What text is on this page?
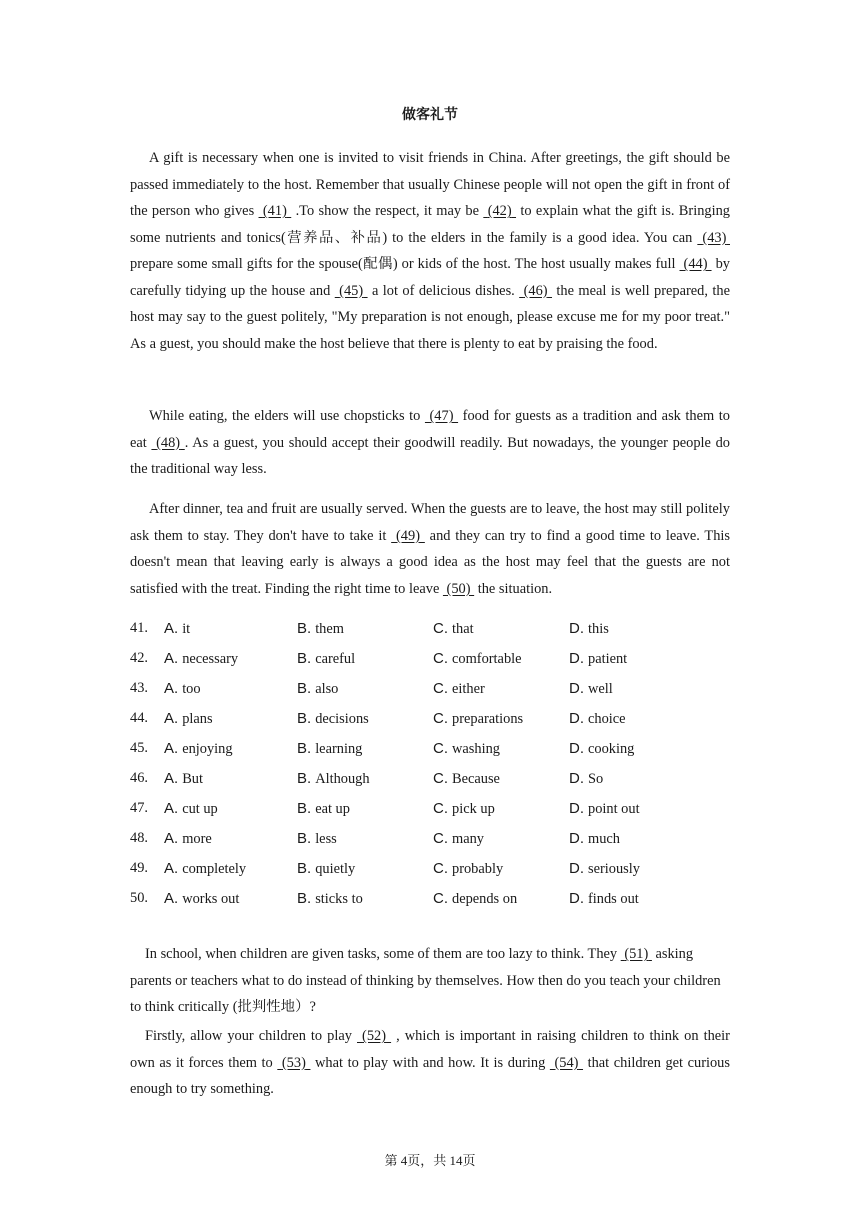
做客礼节
A gift is necessary when one is invited to visit friends in China. After greetings, the gift should be passed immediately to the host. Remember that usually Chinese people will not open the gift in front of the person who gives  (41)  .To show the respect, it may be  (42)  to explain what the gift is. Bringing some nutrients and tonics(营养品、补品) to the elders in the family is a good idea. You can  (43)  prepare some small gifts for the spouse(配偶) or kids of the host. The host usually makes full  (44)  by carefully tidying up the house and  (45)  a lot of delicious dishes.  (46)  the meal is well prepared, the host may say to the guest politely, "My preparation is not enough, please excuse me for my poor treat." As a guest, you should make the host believe that there is plenty to eat by praising the food.
While eating, the elders will use chopsticks to  (47)  food for guests as a tradition and ask them to eat  (48) . As a guest, you should accept their goodwill readily. But nowadays, the younger people do the traditional way less.
After dinner, tea and fruit are usually served. When the guests are to leave, the host may still politely ask them to stay. They don't have to take it  (49)  and they can try to find a good time to leave. This doesn't mean that leaving early is always a good idea as the host may feel that the guests are not satisfied with the treat. Finding the right time to leave  (50)  the situation.
41. A. it	B. them	C. that	D. this
42. A. necessary	B. careful	C. comfortable	D. patient
43. A. too	B. also	C. either	D. well
44. A. plans	B. decisions	C. preparations	D. choice
45. A. enjoying	B. learning	C. washing	D. cooking
46. A. But	B. Although	C. Because	D. So
47. A. cut up	B. eat up	C. pick up	D. point out
48. A. more	B. less	C. many	D. much
49. A. completely	B. quietly	C. probably	D. seriously
50. A. works out	B. sticks to	C. depends on	D. finds out
In school, when children are given tasks, some of them are too lazy to think. They  (51)  asking parents or teachers what to do instead of thinking by themselves. How then do you teach your children to think critically (批判性地）?
Firstly, allow your children to play  (52)  , which is important in raising children to think on their own as it forces them to  (53)  what to play with and how. It is during  (54)  that children get curious enough to try something.
第 4页，共 14页
